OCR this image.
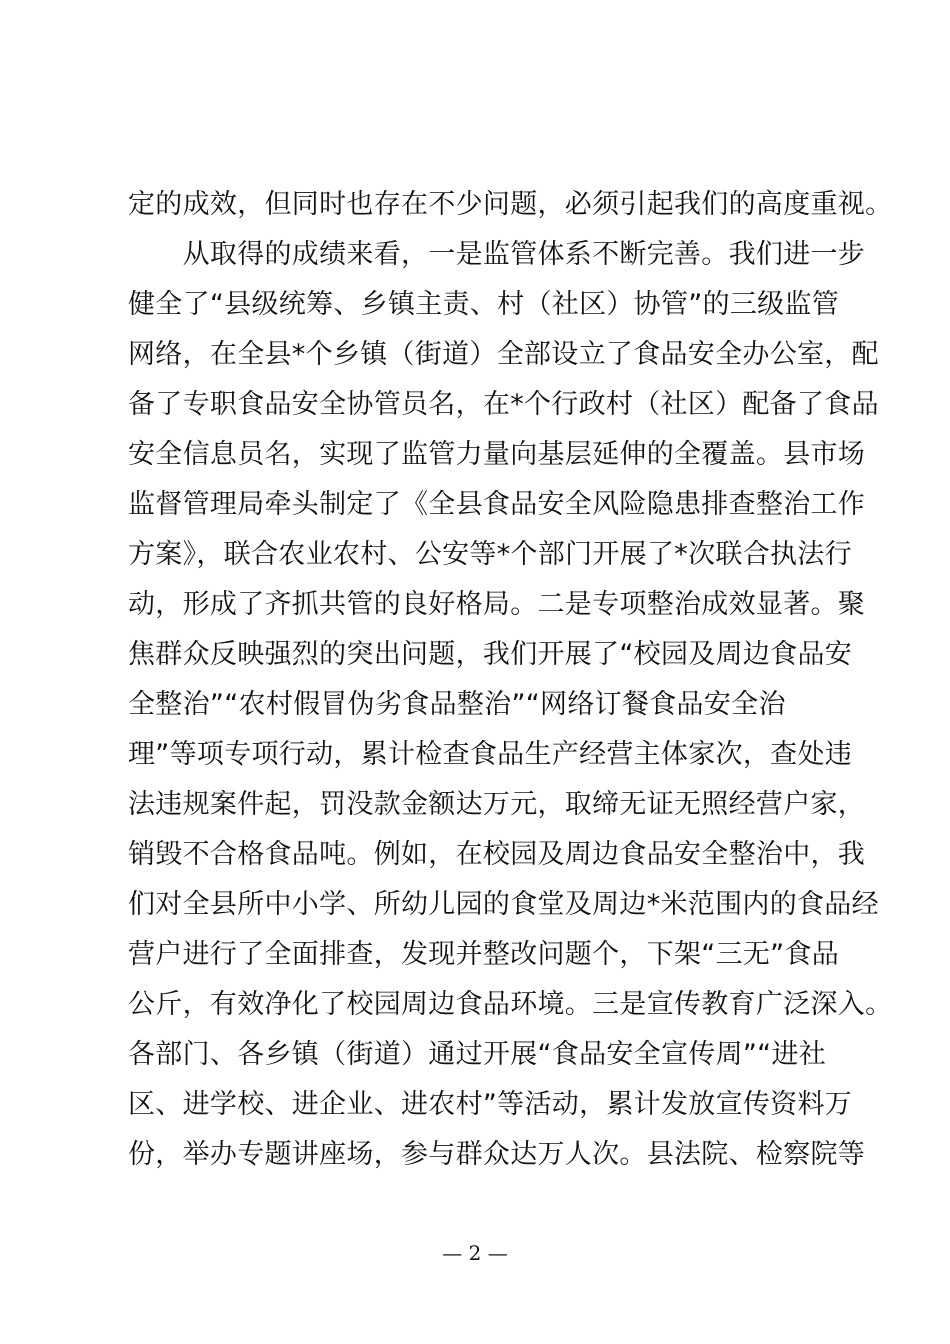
定的成效，但同时也存在不少问题，必须引起我们的高度重视。
　　从取得的成绩来看，一是监管体系不断完善。我们进一步
健全了“县级统筹、乡镇主责、村（社区）协管”的三级监管
网络，在全县*个乡镇（街道）全部设立了食品安全办公室，配
备了专职食品安全协管员名，在*个行政村（社区）配备了食品
安全信息员名，实现了监管力量向基层延伸的全覆盖。县市场
监督管理局牵头制定了《全县食品安全风险隐患排查整治工作
方案》，联合农业农村、公安等*个部门开展了*次联合执法行
动，形成了齐抓共管的良好格局。二是专项整治成效显著。聚
焦群众反映强烈的突出问题，我们开展了“校园及周边食品安
全整治”“农村假冒伪劣食品整治”“网络订餐食品安全治
理”等项专项行动，累计检查食品生产经营主体家次，查处违
法违规案件起，罚没款金额达万元，取缔无证无照经营户家，
销毁不合格食品吨。例如，在校园及周边食品安全整治中，我
们对全县所中小学、所幼儿园的食堂及周边*米范围内的食品经
营户进行了全面排查，发现并整改问题个，下架“三无”食品
公斤，有效净化了校园周边食品环境。三是宣传教育广泛深入。
各部门、各乡镇（街道）通过开展“食品安全宣传周”“进社
区、进学校、进企业、进农村”等活动，累计发放宣传资料万
份，举办专题讲座场，参与群众达万人次。县法院、检察院等
— 2 —
